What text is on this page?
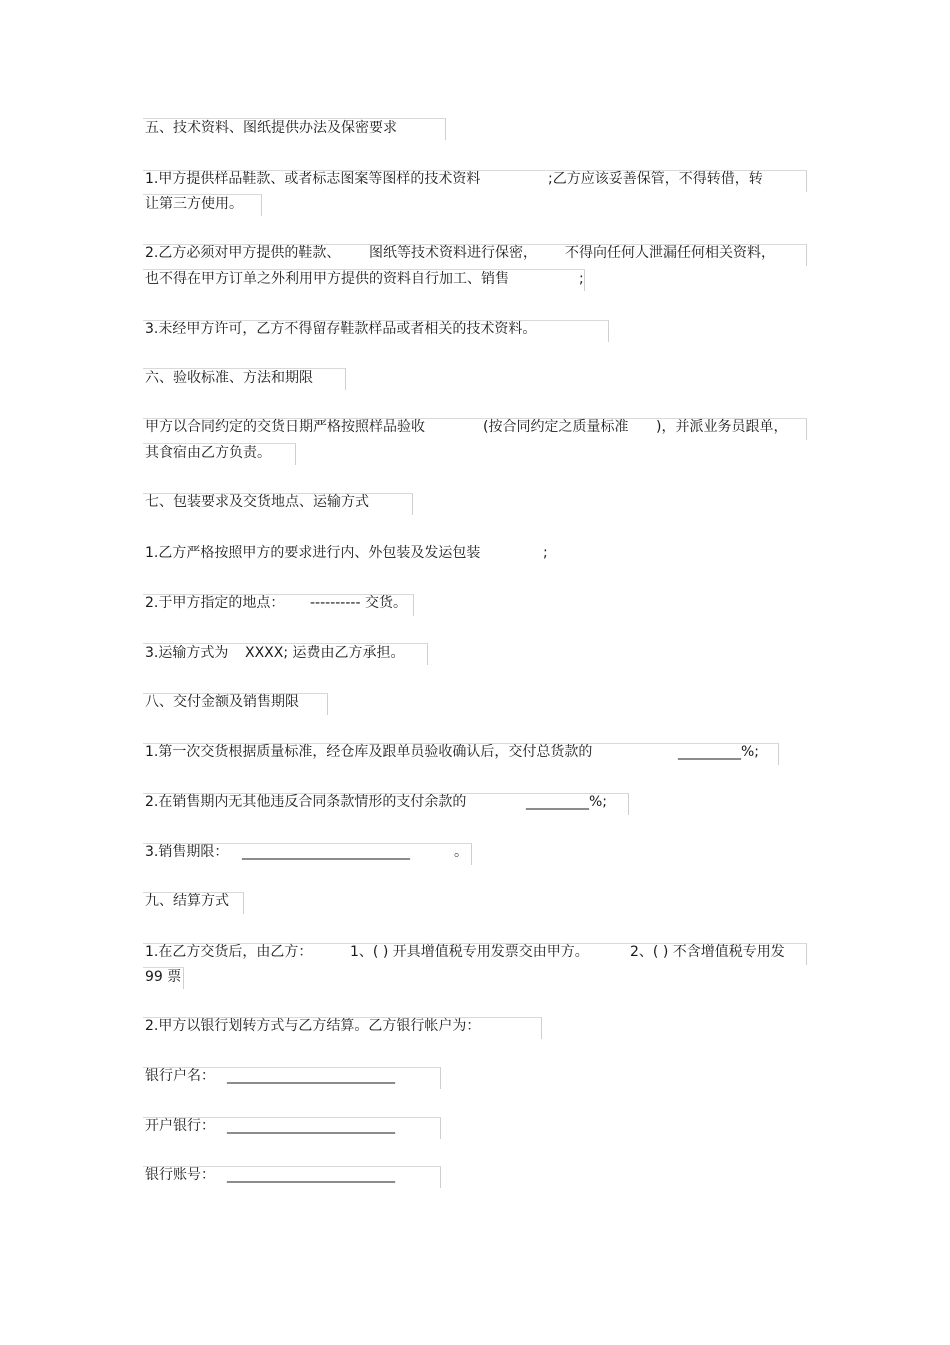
五、技术资料、图纸提供办法及保密要求
1.甲方提供样品鞋款、或者标志图案等图样的技术资料	;乙方应该妥善保管，不得转借，转
让第三方使用。
2.乙方必须对甲方提供的鞋款、 图纸等技术资料进行保密， 不得向任何人泄漏任何相关资料，
也不得在甲方订单之外利用甲方提供的资料自行加工、销售	;
3.未经甲方许可，乙方不得留存鞋款样品或者相关的技术资料。
六、验收标准、方法和期限
甲方以合同约定的交货日期严格按照样品验收	(按合同约定之质量标准 )，并派业务员跟单，
其食宿由乙方负责。
七、包装要求及交货地点、运输方式
1.乙方严格按照甲方的要求进行内、外包装及发运包装	;
2.于甲方指定的地点： ---------- 交货。
3.运输方式为 XXXX; 运费由乙方承担。
八、交付金额及销售期限
1.第一次交货根据质量标准，经仓库及跟单员验收确认后，交付总货款的	_________%;
2.在销售期内无其他违反合同条款情形的支付余款的	_________%;
3.销售期限： ________________________	。
九、结算方式
1.在乙方交货后，由乙方：	1、( ) 开具增值税专用发票交由甲方。	2、( ) 不含增值税专用发
99 票
2.甲方以银行划转方式与乙方结算。乙方银行帐户为：
银行户名： ________________________
开户银行： ________________________
银行账号： ________________________
